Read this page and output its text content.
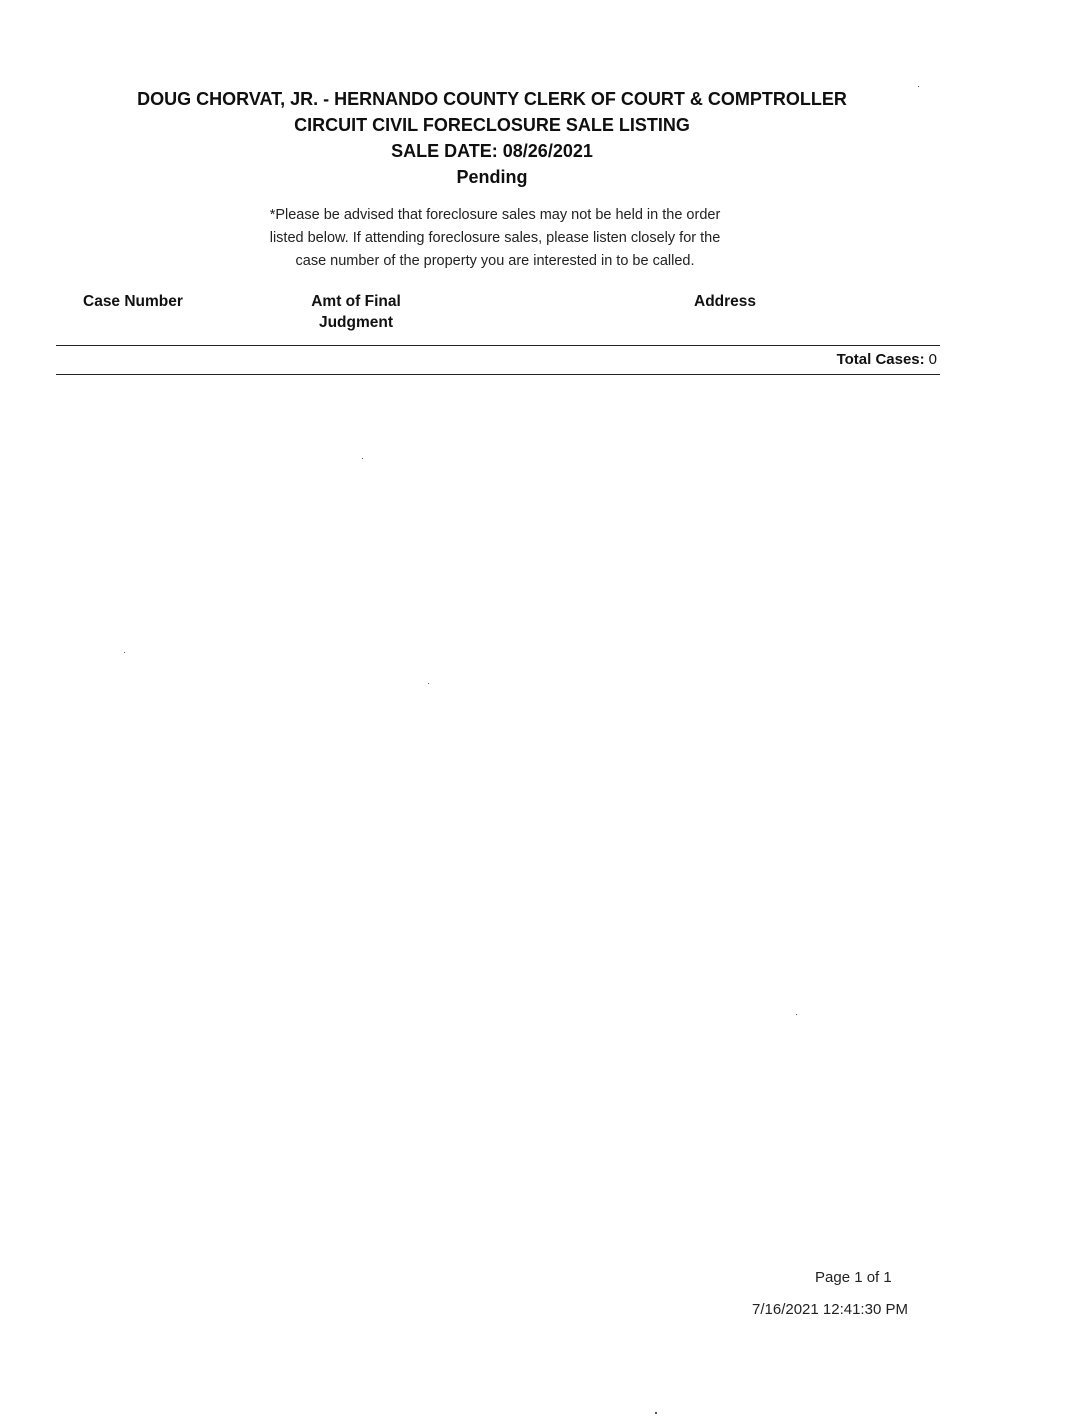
DOUG CHORVAT, JR. - HERNANDO COUNTY CLERK OF COURT & COMPTROLLER
CIRCUIT CIVIL FORECLOSURE SALE LISTING
SALE DATE: 08/26/2021
Pending
*Please be advised that foreclosure sales may not be held in the order
listed below. If attending foreclosure sales, please listen closely for the
case number of the property you are interested in to be called.
Case Number	Amt of Final
Judgment
Address
Total Cases: 0
Page 1 of 1
7/16/2021 12:41:30 PM
